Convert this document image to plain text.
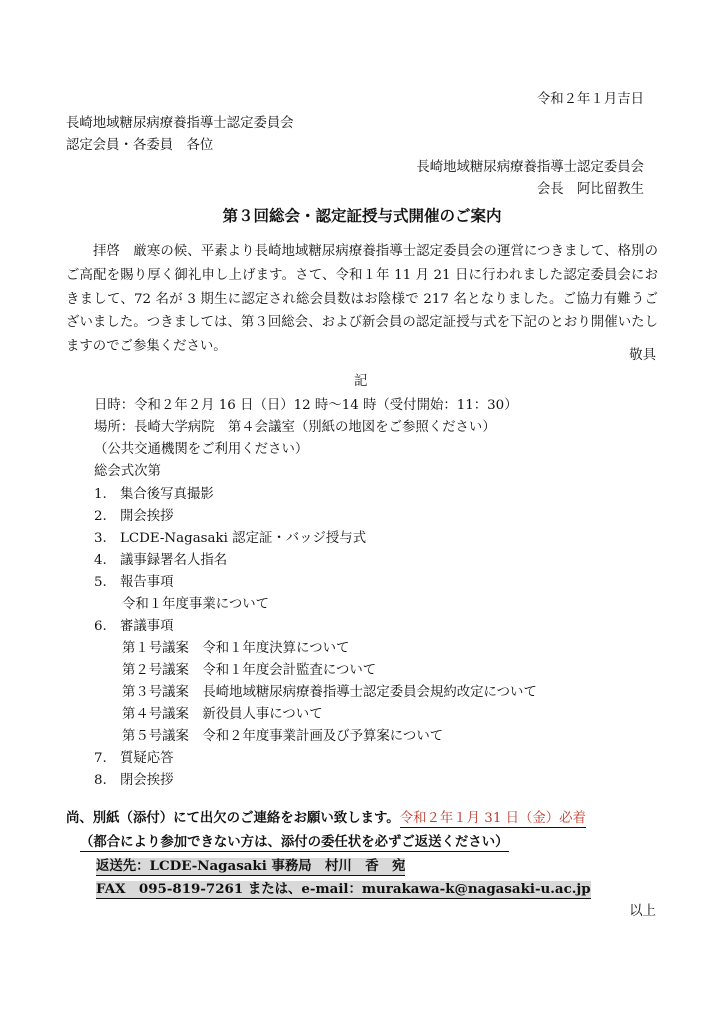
令和２年１月吉日
長崎地域糖尿病療養指導士認定委員会
認定会員・各委員　各位
長崎地域糖尿病療養指導士認定委員会
会長　阿比留教生
第３回総会・認定証授与式開催のご案内
拝啓　厳寒の候、平素より長崎地域糖尿病療養指導士認定委員会の運営につきまして、格別のご高配を賜り厚く御礼申し上げます。さて、令和１年 11 月 21 日に行われました認定委員会におきまして、72 名が 3 期生に認定され総会員数はお陰様で 217 名となりました。ご協力有難うございました。つきましては、第３回総会、および新会員の認定証授与式を下記のとおり開催いたしますのでご参集ください。
敬具
記
日時：令和２年２月 16 日（日）12 時～14 時（受付開始：11：30）
場所：長崎大学病院　第４会議室（別紙の地図をご参照ください）
（公共交通機関をご利用ください）
総会式次第
1. 集合後写真撮影
2. 開会挨拶
3. LCDE-Nagasaki 認定証・バッジ授与式
4. 議事録署名人指名
5. 報告事項
令和１年度事業について
6. 審議事項
第１号議案　令和１年度決算について
第２号議案　令和１年度会計監査について
第３号議案　長崎地域糖尿病療養指導士認定委員会規約改定について
第４号議案　新役員人事について
第５号議案　令和２年度事業計画及び予算案について
7. 質疑応答
8. 閉会挨拶
尚、別紙（添付）にて出欠のご連絡をお願い致します。令和２年１月 31 日（金）必着
（都合により参加できない方は、添付の委任状を必ずご返送ください）
返送先：LCDE-Nagasaki 事務局　村川　香　宛
FAX　095-819-7261 または、e-mail：murakawa-k@nagasaki-u.ac.jp
以上
